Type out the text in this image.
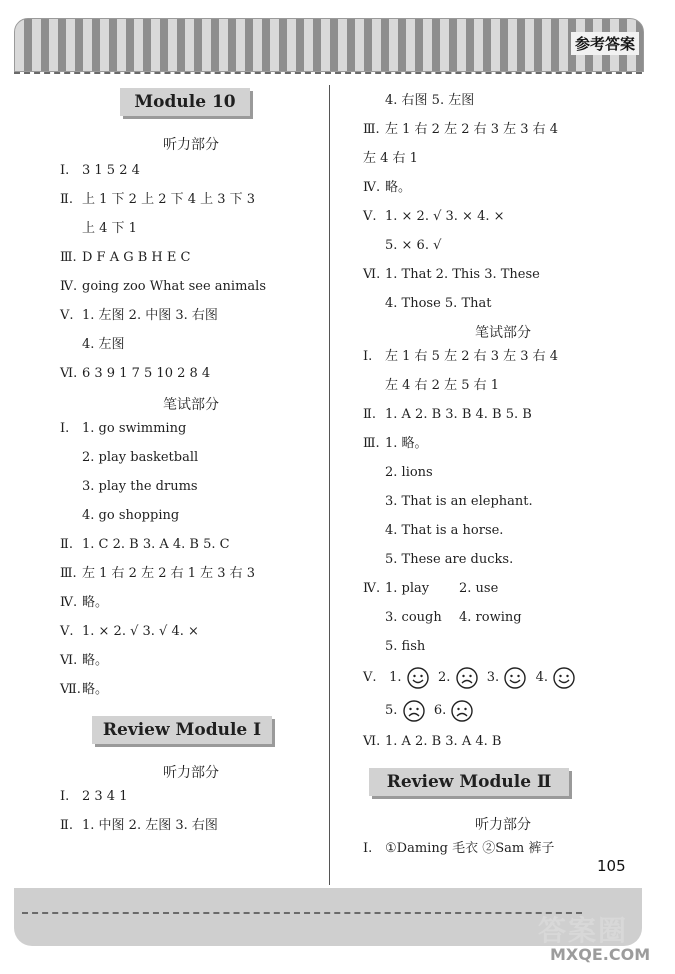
参考答案
Module 10
听力部分
Ⅰ. 3 1 5 2 4
Ⅱ. 上 1 下 2 上 2 下 4 上 3 下 3
上 4 下 1
Ⅲ. D F A G B H E C
Ⅳ. going zoo What see animals
Ⅴ. 1. 左图 2. 中图 3. 右图
4. 左图
Ⅵ. 6 3 9 1 7 5 10 2 8 4
笔试部分
Ⅰ. 1. go swimming
2. play basketball
3. play the drums
4. go shopping
Ⅱ. 1. C 2. B 3. A 4. B 5. C
Ⅲ. 左 1 右 2 左 2 右 1 左 3 右 3
Ⅳ. 略。
Ⅴ. 1. × 2. √ 3. √ 4. ×
Ⅵ. 略。
Ⅶ.略。
Review Module Ⅰ
听力部分
Ⅰ. 2 3 4 1
Ⅱ. 1. 中图 2. 左图 3. 右图
4. 右图 5. 左图
Ⅲ. 左 1 右 2 左 2 右 3 左 3 右 4
左 4 右 1
Ⅳ. 略。
Ⅴ. 1. × 2. √ 3. × 4. ×
5. × 6. √
Ⅵ. 1. That 2. This 3. These
4. Those 5. That
笔试部分
Ⅰ. 左 1 右 5 左 2 右 3 左 3 右 4
左 4 右 2 左 5 右 1
Ⅱ. 1. A 2. B 3. B 4. B 5. B
Ⅲ. 1. 略。
2. lions
3. That is an elephant.
4. That is a horse.
5. These are ducks.
Ⅳ. 1. play 2. use
3. cough 4. rowing
5. fish
Ⅴ. 1.	2.	3.	4.
5.	6.
Ⅵ. 1. A 2. B 3. A 4. B
Review Module Ⅱ
听力部分
Ⅰ. ①Daming 毛衣 ②Sam 裤子
105
答案圈
MXQE.COM
